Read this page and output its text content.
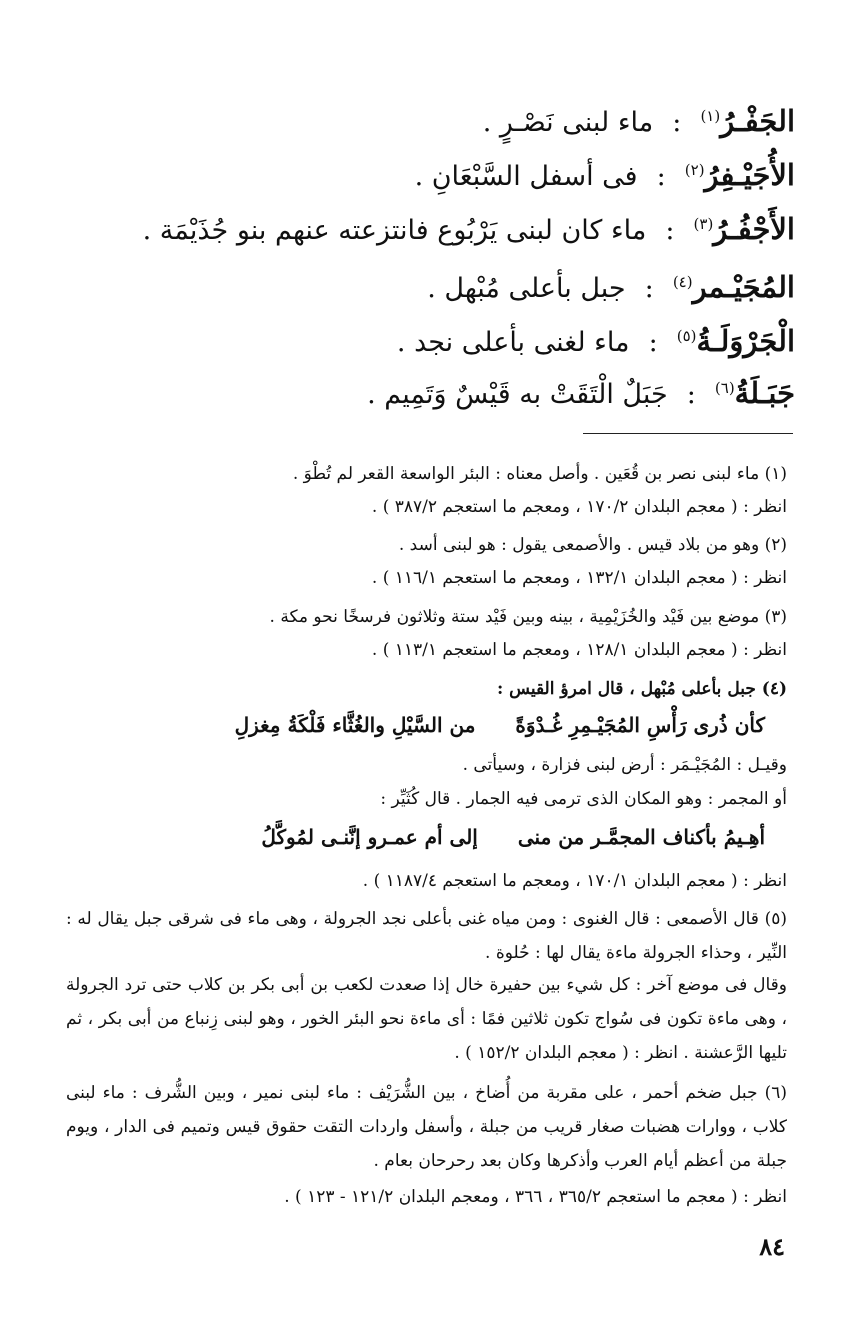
الجَفْـرُ$^{(١)}$ : ماء لبنى نَصْـرٍ .
الأُجَيْـفِرُ$^{(٢)}$ : فى أسفل السَّبْعَانِ .
الأَجْفُـرُ$^{(٣)}$ : ماء كان لبنى يَرْبُوع فانتزعته عنهم بنو جُذَيْمَة .
المُجَيْـمر$^{(٤)}$ : جبل بأعلى مُبْهل .
الْجَرْوَلَـةُ$^{(٥)}$ : ماء لغنى بأعلى نجد .
جَبَـلَةُ$^{(٦)}$ : جَبَلٌ الْتَقَتْ به قَيْسٌ وَتَمِيم .
(١) ماء لبنى نصر بن قُعَين . وأصل معناه : البئر الواسعة القعر لم تُطْوَ .
انظر : ( معجم البلدان ١٧٠/٢ ، ومعجم ما استعجم ٣٨٧/٢ ) .
(٢) وهو من بلاد قيس . والأصمعى يقول : هو لبنى أسد .
انظر : ( معجم البلدان ١٣٢/١ ، ومعجم ما استعجم ١١٦/١ ) .
(٣) موضع بين فَيْد والخُزَيْمِية ، بينه وبين فَيْد ستة وثلاثون فرسخًا نحو مكة .
انظر : ( معجم البلدان ١٢٨/١ ، ومعجم ما استعجم ١١٣/١ ) .
(٤) جبل بأعلى مُبْهل ، قال امرؤ القيس :
كأن ذُرى رَأْسِ المُجَيْـمِرِ غُـدْوَةًمن السَّيْلِ والغُثَّاء فَلْكَةُ مِغزلِ
وقيـل : المُجَيْـمَر : أرض لبنى فزارة ، وسيأتى .
أو المجمر : وهو المكان الذى ترمى فيه الجمار . قال كُثَيِّر :
أهِـيمُ بأكناف المجمَّـر من منىإلى أم عمـرو إنَّنـى لمُوكَّلُ
انظر : ( معجم البلدان ١٧٠/١ ، ومعجم ما استعجم ١١٨٧/٤ ) .
(٥) قال الأصمعى : قال الغنوى : ومن مياه غنى بأعلى نجد الجرولة ، وهى ماء فى شرقى جبل يقال له : النِّير ، وحذاء الجرولة ماءة يقال لها : حُلوة .
وقال فى موضع آخر : كل شيء بين حفيرة خال إذا صعدت لكعب بن أبى بكر بن كلاب حتى ترد الجرولة ، وهى ماءة تكون فى سُواج تكون ثلاثين فمًا : أى ماءة نحو البئر الخور ، وهو لبنى زِنباع من أبى بكر ، ثم تليها الرَّعشنة . انظر : ( معجم البلدان ١٥٢/٢ ) .
(٦) جبل ضخم أحمر ، على مقربة من أُضاخ ، بين الشُّرَيْف : ماء لبنى نمير ، وبين الشُّرف : ماء لبنى كلاب ، ووارات هضبات صغار قريب من جبلة ، وأسفل واردات التقت حقوق قيس وتميم فى الدار ، ويوم جبلة من أعظم أيام العرب وأذكرها وكان بعد رحرحان بعام .
انظر : ( معجم ما استعجم ٣٦٥/٢ ، ٣٦٦ ، ومعجم البلدان ١٢١/٢ - ١٢٣ ) .
٨٤
